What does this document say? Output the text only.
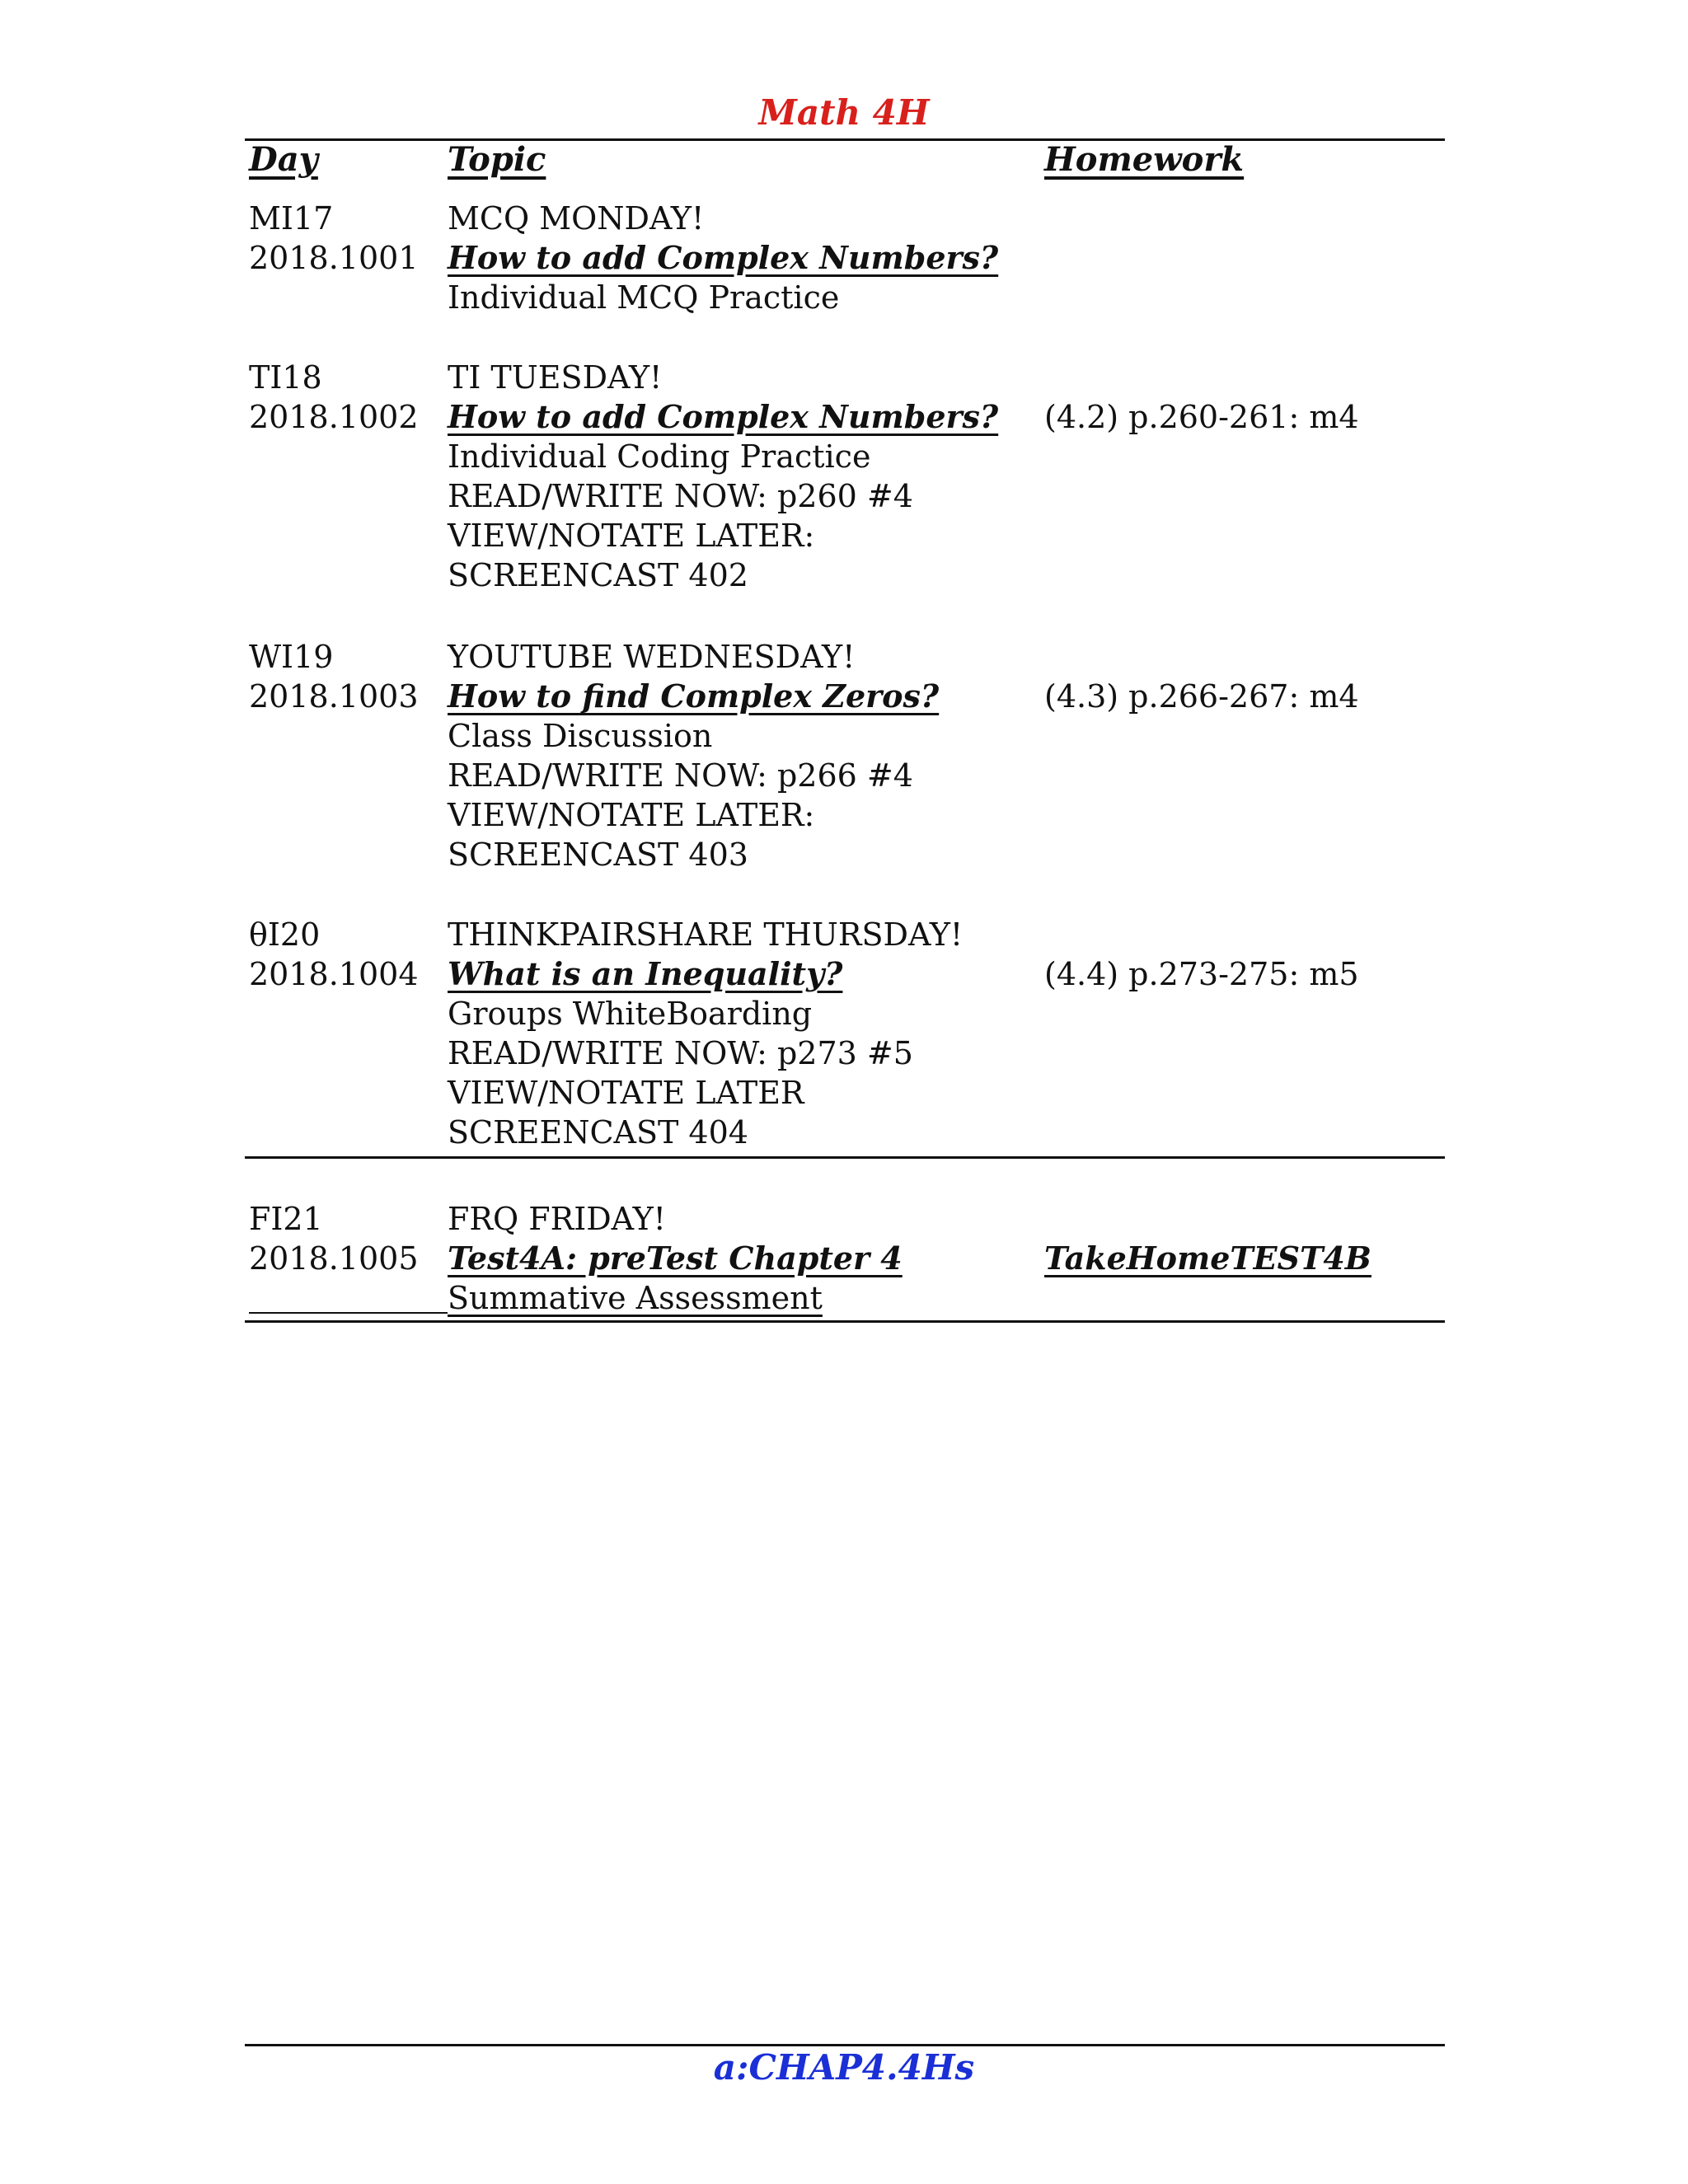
Math 4H
Day	Topic	Homework
MI17
2018.1001
MCQ MONDAY!
How to add Complex Numbers?
Individual MCQ Practice
TI18
2018.1002
TI TUESDAY!
How to add Complex Numbers?
Individual Coding Practice
READ/WRITE NOW: p260 #4
VIEW/NOTATE LATER:
SCREENCAST 402
(4.2) p.260-261: m4
WI19
2018.1003
YOUTUBE WEDNESDAY!
How to find Complex Zeros?
Class Discussion
READ/WRITE NOW: p266 #4
VIEW/NOTATE LATER:
SCREENCAST 403
(4.3) p.266-267: m4
θI20
2018.1004
THINKPAIRSHARE THURSDAY!
What is an Inequality?
Groups WhiteBoarding
READ/WRITE NOW: p273 #5
VIEW/NOTATE LATER
SCREENCAST 404
(4.4) p.273-275: m5
FI21
2018.1005
FRQ FRIDAY!
Test4A: preTest Chapter 4
Summative Assessment
TakeHomeTEST4B
a:CHAP4.4Hs
